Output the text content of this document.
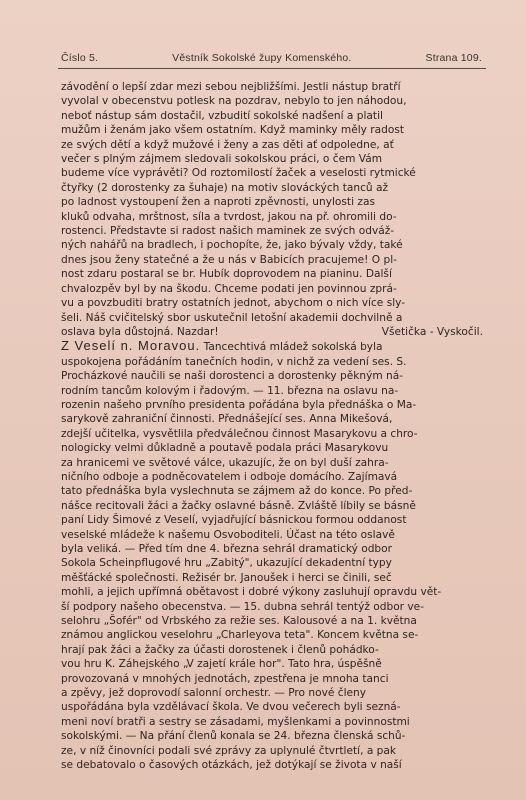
Číslo 5.	Věstník Sokolské župy Komenského.	Strana 109.

závodění o lepší zdar mezi sebou nejbližšími. Jestli nástup bratří
vyvolal v obecenstvu potlesk na pozdrav, nebylo to jen náhodou,
neboť nástup sám dostačil, vzbudití sokolské nadšení a platil
mužům i ženám jako všem ostatním. Když maminky měly radost
ze svých dětí a když mužové i ženy a zas děti ať odpoledne, ať
večer s plným zájmem sledovali sokolskou práci, o čem Vám
budeme více vyprávěti? Od roztomilostí žaček a veselosti rytmické
čtyřky (2 dorostenky za šuhaje) na motiv slováckých tanců až
po ladnost vystoupení žen a naproti zpěvnosti, unylosti zas
kluků odvaha, mrštnost, síla a tvrdost, jakou na př. ohromili do-
rostenci. Představte si radost našich maminek ze svých odváž-
ných nahářů na bradlech, i pochopíte, že, jako bývaly vždy, také
dnes jsou ženy statečné a že u nás v Babicích pracujeme! O pl-
nost zdaru postaral se br. Hubík doprovodem na pianinu. Další
chvalozpěv byl by na škodu. Chceme podati jen povinnou zprá-
vu a povzbuditi bratry ostatních jednot, abychom o nich více sly-
šeli. Náš cvičitelský sbor uskutečnil letošní akademii dochvilně a
oslava byla důstojná. Nazdar!	Všetička - Vyskočil.

Z Veselí n. Moravou. Tancechtivá mládež sokolská byla
uspokojena pořádáním tanečních hodin, v nichž za vedení ses. S.
Procházkové naučili se naši dorostenci a dorostenky pěkným ná-
rodním tancům kolovým i řadovým. — 11. března na oslavu na-
rozenin našeho prvního presidenta pořádána byla přednáška o Ma-
sarykově zahraniční činnosti. Přednášející ses. Anna Mikešová,
zdejší učitelka, vysvětlila předválečnou činnost Masarykovu a chro-
nologicky velmi důkladně a poutavě podala práci Masarykovu
za hranicemi ve světové válce, ukazujíc, že on byl duší zahra-
ničního odboje a podněcovatelem i odboje domácího. Zajímavá
tato přednáška byla vyslechnuta se zájmem až do konce. Po před-
nášce recitovali žáci a žačky oslavné básně. Zvláště líbily se básně
paní Lidy Šimové z Veselí, vyjadřující básnickou formou oddanost
veselské mládeže k našemu Osvoboditeli. Účast na této oslavě
byla veliká. — Před tím dne 4. března sehrál dramatický odbor
Sokola Scheinpflugové hru „Zabitý", ukazující dekadentní typy
měšťácké společnosti. Režisér br. Janoušek i herci se činili, seč
mohli, a jejich upřímná obětavost i dobré výkony zasluhují opravdu vět-
ší podpory našeho obecenstva. — 15. dubna sehrál tentýž odbor ve-
selohru „Šofér" od Vrbského za režie ses. Kalousové a na 1. května
známou anglickou veselohru „Charleyova teta". Koncem května se-
hrají pak žáci a žačky za účasti dorostenek i členů pohádko-
vou hru K. Záhejského „V zajetí krále hor". Tato hra, úspěšně
provozovaná v mnohých jednotách, zpestřena je mnoha tanci
a zpěvy, jež doprovodí salonní orchestr. — Pro nové členy
uspořádána byla vzdělávací škola. Ve dvou večerech byli sezná-
meni noví bratři a sestry se zásadami, myšlenkami a povinnostmi
sokolskými. — Na přání členů konala se 24. března členská schů-
ze, v níž činovníci podali své zprávy za uplynulé čtvrtletí, a pak
se debatovalo o časových otázkách, jež dotýkají se života v naší
